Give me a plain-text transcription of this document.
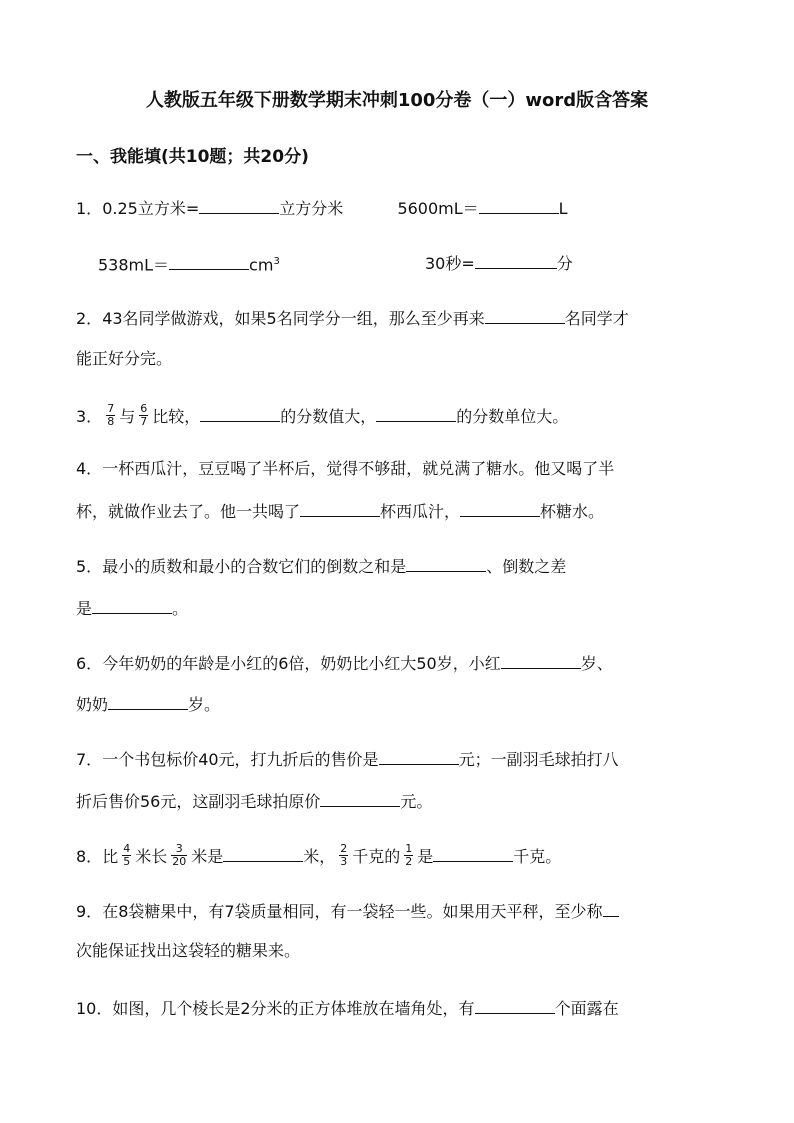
人教版五年级下册数学期末冲刺100分卷（一）word版含答案
一、我能填(共10题；共20分)
1．0.25立方米=	立方分米	5600mL＝	L
538mL＝	$cm^3$	30秒=	分
2．43名同学做游戏，如果5名同学分一组，那么至少再来	名同学才
能正好分完。
3． $\frac{7}{8}$ 与 $\frac{6}{7}$ 比较，	的分数值大，	的分数单位大。
4．一杯西瓜汁，豆豆喝了半杯后，觉得不够甜，就兑满了糖水。他又喝了半
杯，就做作业去了。他一共喝了	杯西瓜汁，	杯糖水。
5．最小的质数和最小的合数它们的倒数之和是	、倒数之差
是	。
6．今年奶奶的年龄是小红的6倍，奶奶比小红大50岁，小红	岁、
奶奶	岁。
7．一个书包标价40元，打九折后的售价是	元；一副羽毛球拍打八
折后售价56元，这副羽毛球拍原价	元。
8．比 $\frac{4}{5}$ 米长 $\frac{3}{20}$ 米是	米， $\frac{2}{3}$ 千克的 $\frac{1}{2}$ 是	千克。
9．在8袋糖果中，有7袋质量相同，有一袋轻一些。如果用天平秤，至少称
次能保证找出这袋轻的糖果来。
10．如图，几个棱长是2分米的正方体堆放在墙角处，有	个面露在
